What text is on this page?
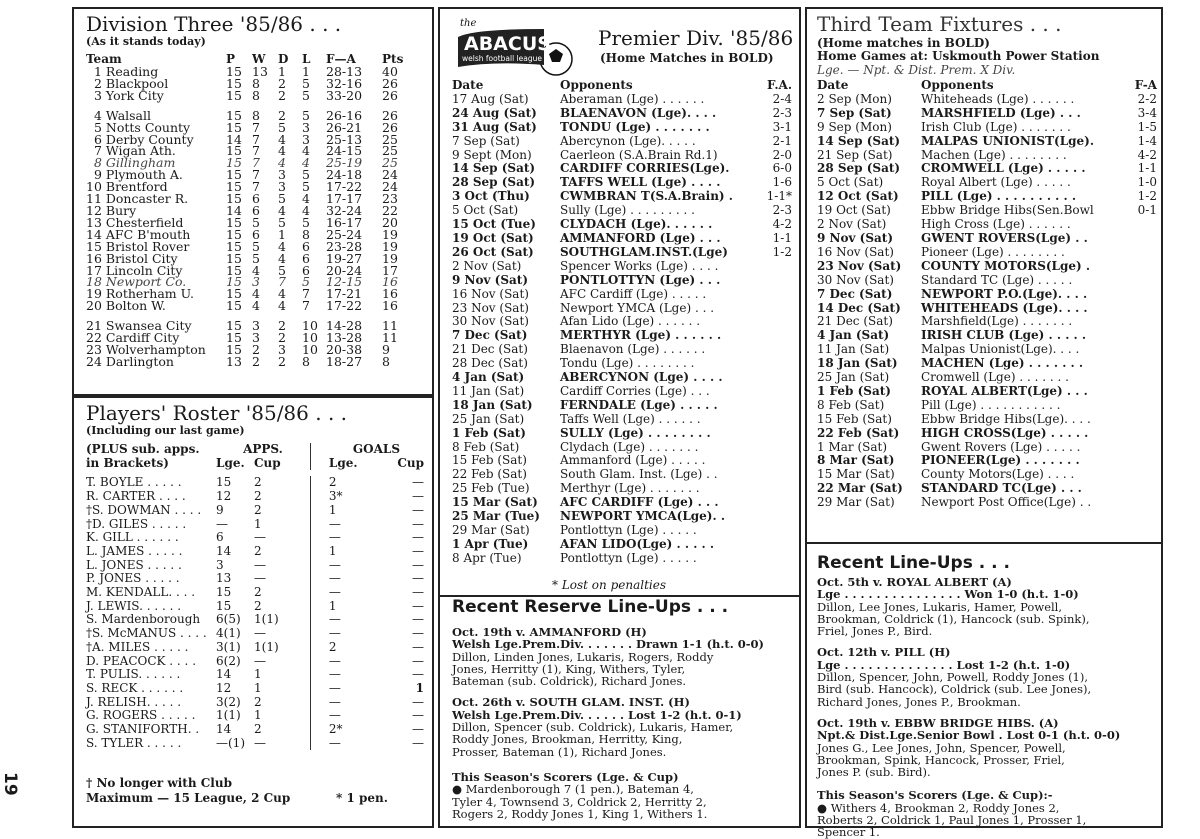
19
Division Three '85/86 . . .
(As it stands today)
Team	P	W	D	L	F—A	Pts
1 Reading	15	13	1	1	28-13	40
2 Blackpool	15	8	2	5	32-16	26
3 York City	15	8	2	5	33-20	26

4 Walsall	15	8	2	5	26-16	26
5 Notts County	15	7	5	3	26-21	26
6 Derby County	14	7	4	3	25-13	25
7 Wigan Ath.	15	7	4	4	24-15	25
8 Gillingham	15	7	4	4	25-19	25
9 Plymouth A.	15	7	3	5	24-18	24
10 Brentford	15	7	3	5	17-22	24
11 Doncaster R.	15	6	5	4	17-17	23
12 Bury	14	6	4	4	32-24	22
13 Chesterfield	15	5	5	5	16-17	20
14 AFC B'mouth	15	6	1	8	25-24	19
15 Bristol Rover	15	5	4	6	23-28	19
16 Bristol City	15	5	4	6	19-27	19
17 Lincoln City	15	4	5	6	20-24	17
18 Newport Co.	15	3	7	5	12-15	16
19 Rotherham U.	15	4	4	7	17-21	16
20 Bolton W.	15	4	4	7	17-22	16

21 Swansea City	15	3	2	10	14-28	11
22 Cardiff City	15	3	2	10	13-28	11
23 Wolverhampton	15	2	3	10	20-38	9
24 Darlington	13	2	2	8	18-27	8
Players' Roster '85/86 . . .
(Including our last game)
(PLUS sub. apps.	APPS.			GOALS	
in Brackets)	Lge.	Cup		Lge.	Cup

T. BOYLE . . . . .	15	2		2	—
R. CARTER . . . .	12	2		3*	—
†S. DOWMAN . . . .	9	2		1	—
†D. GILES . . . . .	—	1		—	—
K. GILL . . . . . .	6	—		—	—
L. JAMES . . . . .	14	2		1	—
L. JONES . . . . .	3	—		—	—
P. JONES . . . . .	13	—		—	—
M. KENDALL. . . .	15	2		—	—
J. LEWIS. . . . . .	15	2		1	—
S. Mardenborough	6(5)	1(1)		—	—
†S. McMANUS . . . .	4(1)	—		—	—
†A. MILES . . . . .	3(1)	1(1)		2	—
D. PEACOCK . . . .	6(2)	—		—	—
T. PULIS. . . . . .	14	1		—	—
S. RECK . . . . . .	12	1		—	1
J. RELISH. . . . .	3(2)	2		—	—
G. ROGERS . . . . .	1(1)	1		—	—
G. STANIFORTH. .	14	2		2*	—
S. TYLER . . . . .	—(1)	—		—	—
† No longer with Club
Maximum — 15 League, 2 Cup	* 1 pen.
the
ABACUS
welsh football league
Premier Div. '85/86
(Home Matches in BOLD)
Date	Opponents	F.A.
17 Aug (Sat)	Aberaman (Lge) . . . . . .	2-4
24 Aug (Sat)	BLAENAVON (Lge). . . .	2-3
31 Aug (Sat)	TONDU (Lge) . . . . . . .	3-1
7 Sep (Sat)	Abercynon (Lge). . . . .	2-1
9 Sept (Mon)	Caerleon (S.A.Brain Rd.1)	2-0
14 Sep (Sat)	CARDIFF CORRIES(Lge).	6-0
28 Sep (Sat)	TAFFS WELL (Lge) . . . .	1-6
3 Oct (Thu)	CWMBRAN T(S.A.Brain) .	1-1*
5 Oct (Sat)	Sully (Lge) . . . . . . . . .	2-3
15 Oct (Tue)	CLYDACH (Lge). . . . . .	4-2
19 Oct (Sat)	AMMANFORD (Lge) . . .	1-1
26 Oct (Sat)	SOUTHGLAM.INST.(Lge)	1-2
2 Nov (Sat)	Spencer Works (Lge) . . . .	
9 Nov (Sat)	PONTLOTTYN (Lge) . . .	
16 Nov (Sat)	AFC Cardiff (Lge) . . . . .	
23 Nov (Sat)	Newport YMCA (Lge) . . .	
30 Nov (Sat)	Afan Lido (Lge) . . . . . .	
7 Dec (Sat)	MERTHYR (Lge) . . . . . .	
21 Dec (Sat)	Blaenavon (Lge) . . . . . .	
28 Dec (Sat)	Tondu (Lge) . . . . . . . .	
4 Jan (Sat)	ABERCYNON (Lge) . . . .	
11 Jan (Sat)	Cardiff Corries (Lge) . . .	
18 Jan (Sat)	FERNDALE (Lge) . . . . .	
25 Jan (Sat)	Taffs Well (Lge) . . . . . .	
1 Feb (Sat)	SULLY (Lge) . . . . . . . .	
8 Feb (Sat)	Clydach (Lge) . . . . . . .	
15 Feb (Sat)	Ammanford (Lge) . . . . .	
22 Feb (Sat)	South Glam. Inst. (Lge) . .	
25 Feb (Tue)	Merthyr (Lge) . . . . . . .	
15 Mar (Sat)	AFC CARDIFF (Lge) . . .	
25 Mar (Tue)	NEWPORT YMCA(Lge). .	
29 Mar (Sat)	Pontlottyn (Lge) . . . . .	
1 Apr (Tue)	AFAN LIDO(Lge) . . . . .	
8 Apr (Tue)	Pontlottyn (Lge) . . . . .	
* Lost on penalties
Recent Reserve Line-Ups . . .
Oct. 19th v. AMMANFORD (H)
Welsh Lge.Prem.Div. . . . . . . Drawn 1-1 (h.t. 0-0)
Dillon, Linden Jones, Lukaris, Rogers, Roddy
Jones, Herritty (1), King, Withers, Tyler,
Bateman (sub. Coldrick), Richard Jones.
Oct. 26th v. SOUTH GLAM. INST. (H)
Welsh Lge.Prem.Div. . . . . . Lost 1-2 (h.t. 0-1)
Dillon, Spencer (sub. Coldrick), Lukaris, Hamer,
Roddy Jones, Brookman, Herritty, King,
Prosser, Bateman (1), Richard Jones.
This Season's Scorers (Lge. & Cup)
● Mardenborough 7 (1 pen.), Bateman 4,
Tyler 4, Townsend 3, Coldrick 2, Herritty 2,
Rogers 2, Roddy Jones 1, King 1, Withers 1.
Third Team Fixtures . . .
(Home matches in BOLD)
Home Games at: Uskmouth Power Station
Lge. — Npt. & Dist. Prem. X Div.
Date	Opponents	F-A
2 Sep (Mon)	Whiteheads (Lge) . . . . . .	2-2
7 Sep (Sat)	MARSHFIELD (Lge) . . .	3-4
9 Sep (Mon)	Irish Club (Lge) . . . . . . .	1-5
14 Sep (Sat)	MALPAS UNIONIST(Lge).	1-4
21 Sep (Sat)	Machen (Lge) . . . . . . . .	4-2
28 Sep (Sat)	CROMWELL (Lge) . . . . .	1-1
5 Oct (Sat)	Royal Albert (Lge) . . . . .	1-0
12 Oct (Sat)	PILL (Lge) . . . . . . . . . .	1-2
19 Oct (Sat)	Ebbw Bridge Hibs(Sen.Bowl	0-1
2 Nov (Sat)	High Cross (Lge) . . . . . .	
9 Nov (Sat)	GWENT ROVERS(Lge) . .	
16 Nov (Sat)	Pioneer (Lge) . . . . . . . .	
23 Nov (Sat)	COUNTY MOTORS(Lge) .	
30 Nov (Sat)	Standard TC (Lge) . . . . .	
7 Dec (Sat)	NEWPORT P.O.(Lge). . . .	
14 Dec (Sat)	WHITEHEADS (Lge). . . .	
21 Dec (Sat)	Marshfield(Lge) . . . . . . .	
4 Jan (Sat)	IRISH CLUB (Lge) . . . . .	
11 Jan (Sat)	Malpas Unionist(Lge). . . .	
18 Jan (Sat)	MACHEN (Lge) . . . . . . .	
25 Jan (Sat)	Cromwell (Lge) . . . . . . .	
1 Feb (Sat)	ROYAL ALBERT(Lge) . . .	
8 Feb (Sat)	Pill (Lge) . . . . . . . . . . .	
15 Feb (Sat)	Ebbw Bridge Hibs(Lge). . . .	
22 Feb (Sat)	HIGH CROSS(Lge) . . . . .	
1 Mar (Sat)	Gwent Rovers (Lge) . . . . .	
8 Mar (Sat)	PIONEER(Lge) . . . . . . .	
15 Mar (Sat)	County Motors(Lge) . . . .	
22 Mar (Sat)	STANDARD TC(Lge) . . .	
29 Mar (Sat)	Newport Post Office(Lge) . .	
Recent Line-Ups . . .
Oct. 5th v. ROYAL ALBERT (A)
Lge . . . . . . . . . . . . . . . Won 1-0 (h.t. 1-0)
Dillon, Lee Jones, Lukaris, Hamer, Powell,
Brookman, Coldrick (1), Hancock (sub. Spink),
Friel, Jones P., Bird.
Oct. 12th v. PILL (H)
Lge . . . . . . . . . . . . . . Lost 1-2 (h.t. 1-0)
Dillon, Spencer, John, Powell, Roddy Jones (1),
Bird (sub. Hancock), Coldrick (sub. Lee Jones),
Richard Jones, Jones P., Brookman.
Oct. 19th v. EBBW BRIDGE HIBS. (A)
Npt.& Dist.Lge.Senior Bowl . Lost 0-1 (h.t. 0-0)
Jones G., Lee Jones, John, Spencer, Powell,
Brookman, Spink, Hancock, Prosser, Friel,
Jones P. (sub. Bird).
This Season's Scorers (Lge. & Cup):-
● Withers 4, Brookman 2, Roddy Jones 2,
Roberts 2, Coldrick 1, Paul Jones 1, Prosser 1,
Spencer 1.
